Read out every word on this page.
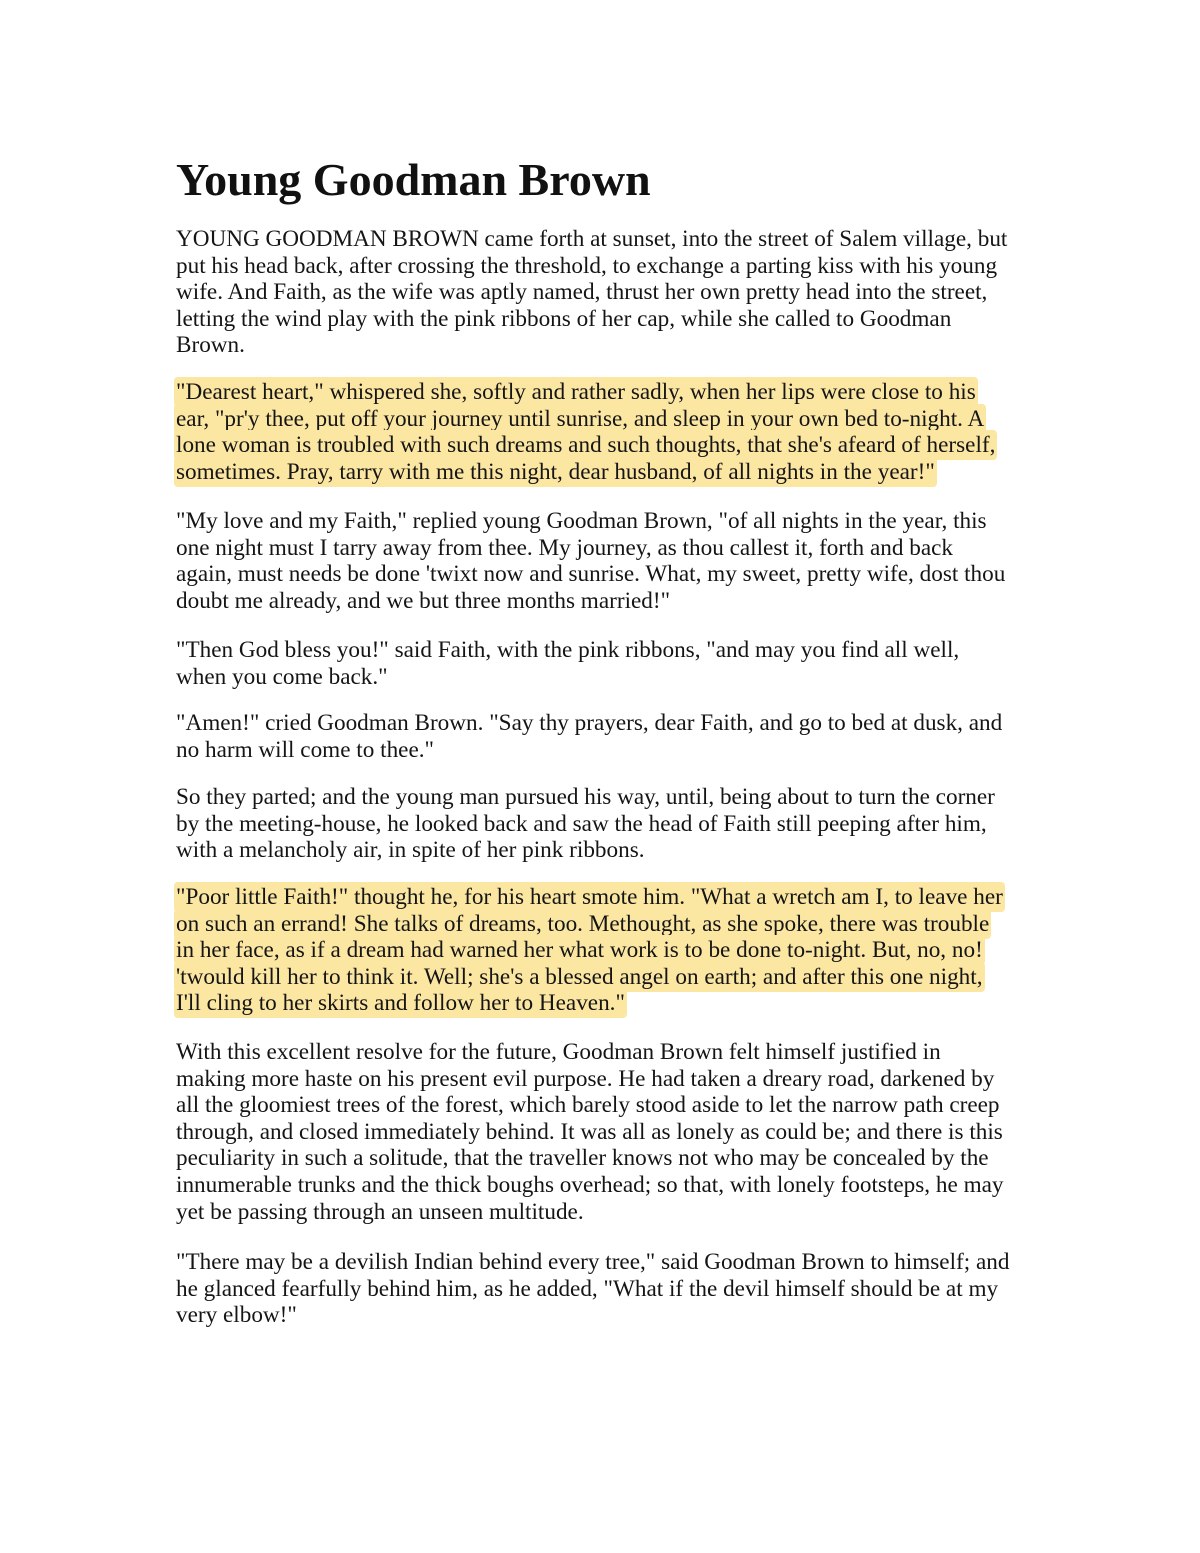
Young Goodman Brown

YOUNG GOODMAN BROWN came forth at sunset, into the street of Salem village, but
put his head back, after crossing the threshold, to exchange a parting kiss with his young
wife. And Faith, as the wife was aptly named, thrust her own pretty head into the street,
letting the wind play with the pink ribbons of her cap, while she called to Goodman
Brown.

"Dearest heart," whispered she, softly and rather sadly, when her lips were close to his
ear, "pr'y thee, put off your journey until sunrise, and sleep in your own bed to-night. A
lone woman is troubled with such dreams and such thoughts, that she's afeard of herself,
sometimes. Pray, tarry with me this night, dear husband, of all nights in the year!"

"My love and my Faith," replied young Goodman Brown, "of all nights in the year, this
one night must I tarry away from thee. My journey, as thou callest it, forth and back
again, must needs be done 'twixt now and sunrise. What, my sweet, pretty wife, dost thou
doubt me already, and we but three months married!"

"Then God bless you!" said Faith, with the pink ribbons, "and may you find all well,
when you come back."

"Amen!" cried Goodman Brown. "Say thy prayers, dear Faith, and go to bed at dusk, and
no harm will come to thee."

So they parted; and the young man pursued his way, until, being about to turn the corner
by the meeting-house, he looked back and saw the head of Faith still peeping after him,
with a melancholy air, in spite of her pink ribbons.

"Poor little Faith!" thought he, for his heart smote him. "What a wretch am I, to leave her
on such an errand! She talks of dreams, too. Methought, as she spoke, there was trouble
in her face, as if a dream had warned her what work is to be done to-night. But, no, no!
'twould kill her to think it. Well; she's a blessed angel on earth; and after this one night,
I'll cling to her skirts and follow her to Heaven."

With this excellent resolve for the future, Goodman Brown felt himself justified in
making more haste on his present evil purpose. He had taken a dreary road, darkened by
all the gloomiest trees of the forest, which barely stood aside to let the narrow path creep
through, and closed immediately behind. It was all as lonely as could be; and there is this
peculiarity in such a solitude, that the traveller knows not who may be concealed by the
innumerable trunks and the thick boughs overhead; so that, with lonely footsteps, he may
yet be passing through an unseen multitude.

"There may be a devilish Indian behind every tree," said Goodman Brown to himself; and
he glanced fearfully behind him, as he added, "What if the devil himself should be at my
very elbow!"
